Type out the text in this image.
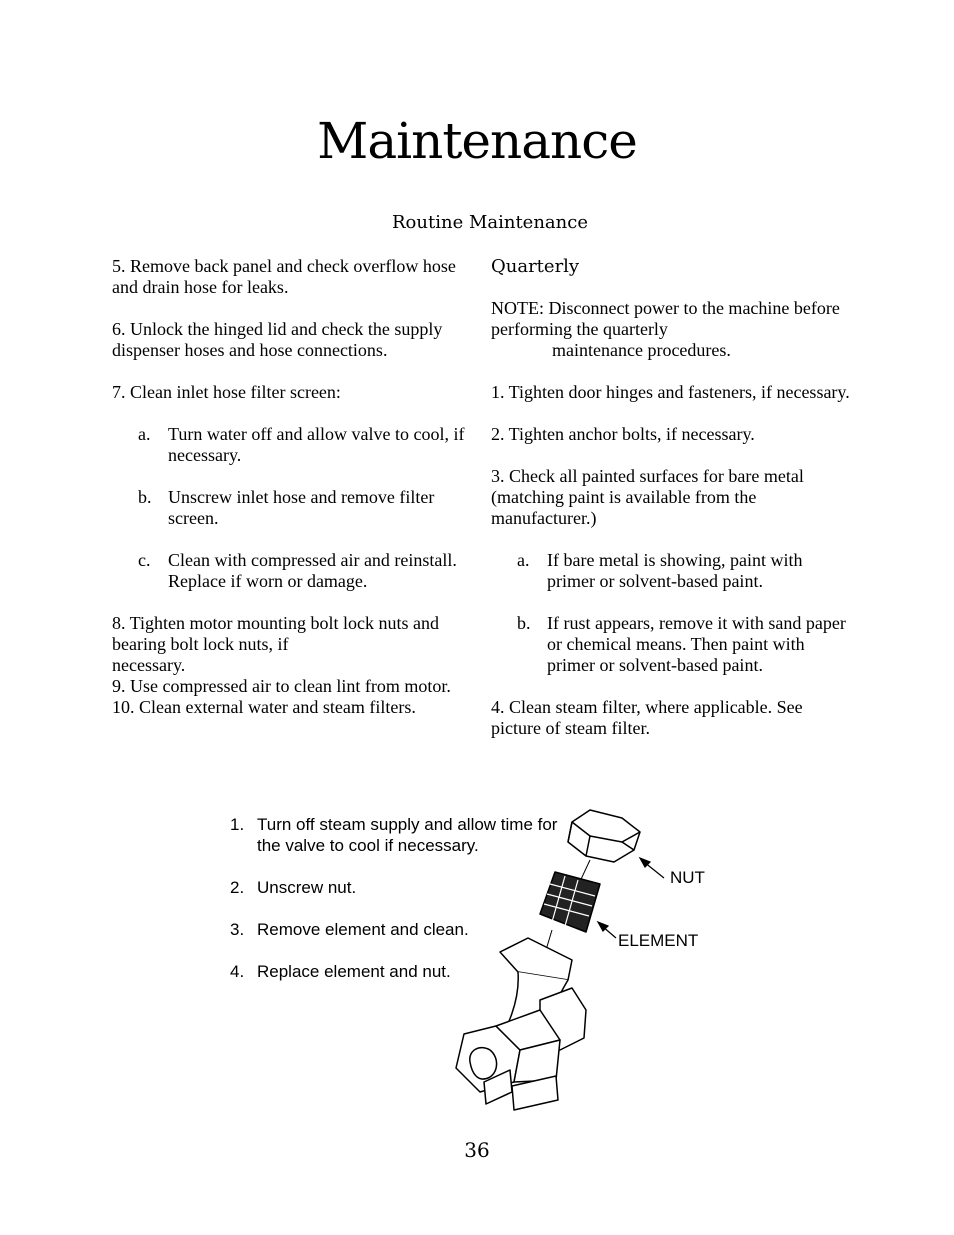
Maintenance
Routine Maintenance

5. Remove back panel and check overflow hose and drain hose for leaks.

6. Unlock the hinged lid and check the supply dispenser hoses and hose connections.

7. Clean inlet hose filter screen:

a. Turn water off and allow valve to cool, if necessary.
b. Unscrew inlet hose and remove filter screen.
c. Clean with compressed air and reinstall. Replace if worn or damage.

8. Tighten motor mounting bolt lock nuts and bearing bolt lock nuts, if

necessary.

9. Use compressed air to clean lint from motor.

10. Clean external water and steam filters.

Quarterly

NOTE: Disconnect power to the machine before performing the quarterly

maintenance procedures.

1. Tighten door hinges and fasteners, if necessary.

2. Tighten anchor bolts, if necessary.

3. Check all painted surfaces for bare metal (matching paint is available from the manufacturer.)

a. If bare metal is showing, paint with primer or solvent-based paint.
b. If rust appears, remove it with sand paper or chemical means. Then paint with primer or solvent-based paint.

4. Clean steam filter, where applicable. See picture of steam filter.

NUT
ELEMENT
1. Turn off steam supply and allow time for the valve to cool if necessary.
2. Unscrew nut.
3. Remove element and clean.
4. Replace element and nut.
36
